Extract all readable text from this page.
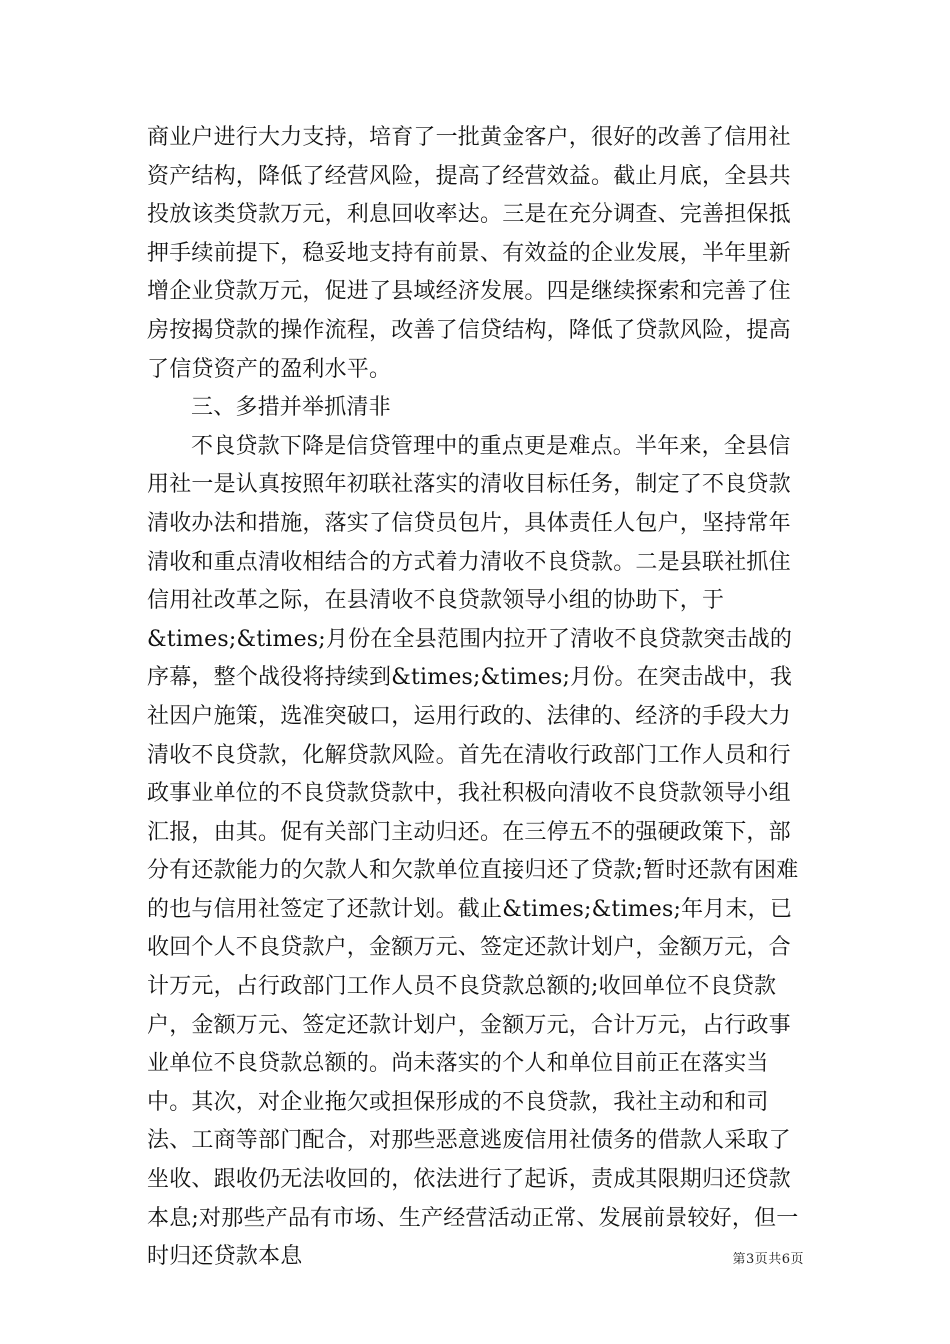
商业户进行大力支持，培育了一批黄金客户，很好的改善了信用社资产结构，降低了经营风险，提高了经营效益。截止月底，全县共投放该类贷款万元，利息回收率达。三是在充分调查、完善担保抵押手续前提下，稳妥地支持有前景、有效益的企业发展，半年里新增企业贷款万元，促进了县域经济发展。四是继续探索和完善了住房按揭贷款的操作流程，改善了信贷结构，降低了贷款风险，提高了信贷资产的盈利水平。

三、多措并举抓清非

不良贷款下降是信贷管理中的重点更是难点。半年来，全县信用社一是认真按照年初联社落实的清收目标任务，制定了不良贷款清收办法和措施，落实了信贷员包片，具体责任人包户，坚持常年清收和重点清收相结合的方式着力清收不良贷款。二是县联社抓住信用社改革之际，在县清收不良贷款领导小组的协助下，于&times;&times;月份在全县范围内拉开了清收不良贷款突击战的序幕，整个战役将持续到&times;&times;月份。在突击战中，我社因户施策，选准突破口，运用行政的、法律的、经济的手段大力清收不良贷款，化解贷款风险。首先在清收行政部门工作人员和行政事业单位的不良贷款贷款中，我社积极向清收不良贷款领导小组汇报，由其。促有关部门主动归还。在三停五不的强硬政策下，部分有还款能力的欠款人和欠款单位直接归还了贷款;暂时还款有困难的也与信用社签定了还款计划。截止&times;&times;年月末，已收回个人不良贷款户，金额万元、签定还款计划户，金额万元，合计万元，占行政部门工作人员不良贷款总额的;收回单位不良贷款户，金额万元、签定还款计划户，金额万元，合计万元，占行政事业单位不良贷款总额的。尚未落实的个人和单位目前正在落实当中。其次，对企业拖欠或担保形成的不良贷款，我社主动和和司法、工商等部门配合，对那些恶意逃废信用社债务的借款人采取了坐收、跟收仍无法收回的，依法进行了起诉，责成其限期归还贷款本息;对那些产品有市场、生产经营活动正常、发展前景较好，但一时归还贷款本息	第3页共6页
